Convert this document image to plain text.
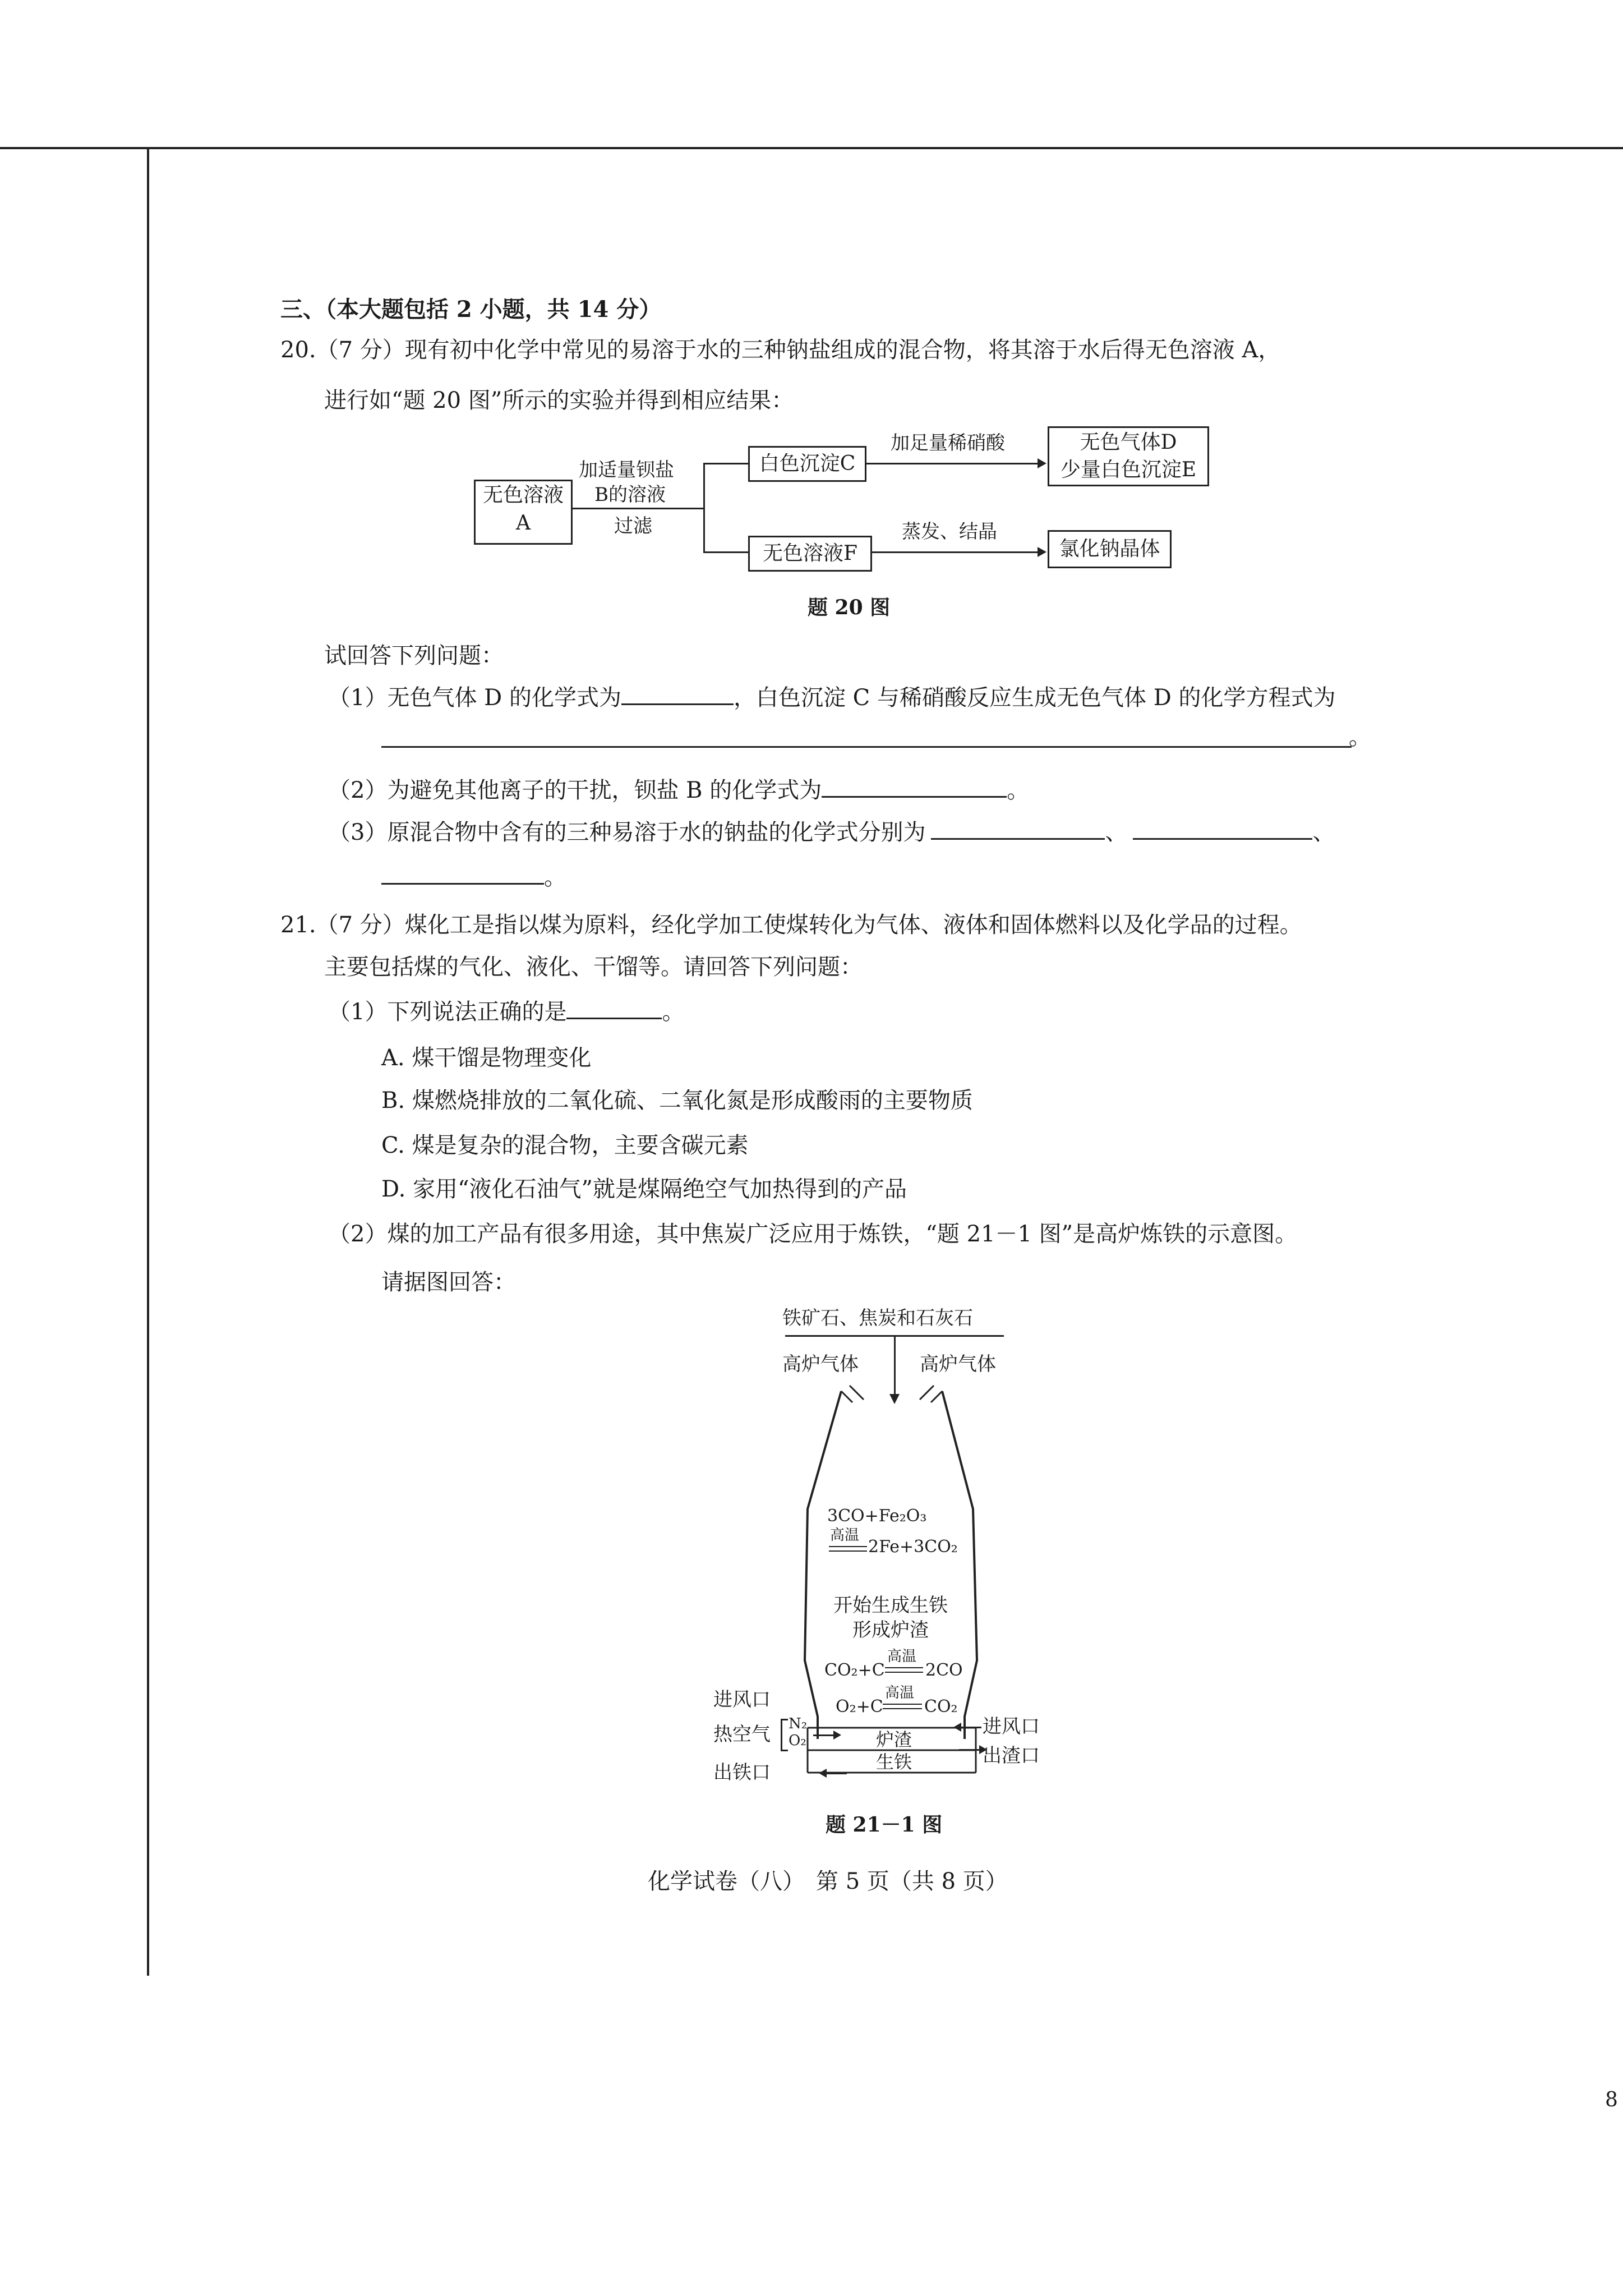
三、（本大题包括 2 小题，共 14 分）
20.（7 分）现有初中化学中常见的易溶于水的三种钠盐组成的混合物，将其溶于水后得无色溶液 A，
进行如“题 20 图”所示的实验并得到相应结果：
无色溶液
A
加适量钡盐
B的溶液
过滤
白色沉淀C
加足量稀硝酸	无色气体D
少量白色沉淀E
无色溶液F
蒸发、结晶
氯化钠晶体
题 20 图
试回答下列问题：
（1）无色气体 D 的化学式为	，白色沉淀 C 与稀硝酸反应生成无色气体 D 的化学方程式为
。
（2）为避免其他离子的干扰，钡盐 B 的化学式为	。
（3）原混合物中含有的三种易溶于水的钠盐的化学式分别为	、	、
。
21.（7 分）煤化工是指以煤为原料，经化学加工使煤转化为气体、液体和固体燃料以及化学品的过程。
主要包括煤的气化、液化、干馏等。请回答下列问题：
（1）下列说法正确的是	。
A. 煤干馏是物理变化
B. 煤燃烧排放的二氧化硫、二氧化氮是形成酸雨的主要物质
C. 煤是复杂的混合物，主要含碳元素
D. 家用“液化石油气”就是煤隔绝空气加热得到的产品
（2）煤的加工产品有很多用途，其中焦炭广泛应用于炼铁，“题 21－1 图”是高炉炼铁的示意图。
请据图回答：
铁矿石、焦炭和石灰石
高炉气体	高炉气体
3CO+Fe₂O₃
高温
2Fe+3CO₂
开始生成生铁
形成炉渣
CO₂+C
高温
2CO
O₂+C
高温
CO₂
进风口
热空气 N₂
O₂
出铁口
炉渣
生铁
进风口
出渣口
题 21－1 图
化学试卷（八）　第 5 页（共 8 页）
8
